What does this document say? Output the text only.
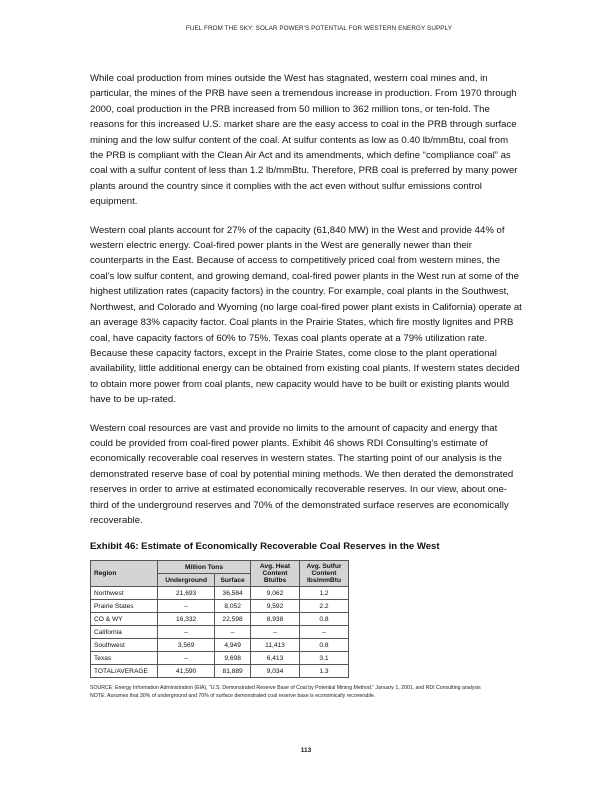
FUEL FROM THE SKY: SOLAR POWER'S POTENTIAL FOR WESTERN ENERGY SUPPLY

While coal production from mines outside the West has stagnated, western coal mines and, in particular, the mines of the PRB have seen a tremendous increase in production. From 1970 through 2000, coal production in the PRB increased from 50 million to 362 million tons, or ten-fold. The reasons for this increased U.S. market share are the easy access to coal in the PRB through surface mining and the low sulfur content of the coal. At sulfur contents as low as 0.40 lb/mmBtu, coal from the PRB is compliant with the Clean Air Act and its amendments, which define “compliance coal” as coal with a sulfur content of less than 1.2 lb/mmBtu. Therefore, PRB coal is preferred by many power plants around the country since it complies with the act even without sulfur emissions control equipment.

Western coal plants account for 27% of the capacity (61,840 MW) in the West and provide 44% of western electric energy. Coal-fired power plants in the West are generally newer than their counterparts in the East. Because of access to competitively priced coal from western mines, the coal’s low sulfur content, and growing demand, coal-fired power plants in the West run at some of the highest utilization rates (capacity factors) in the country. For example, coal plants in the Southwest, Northwest, and Colorado and Wyoming (no large coal-fired power plant exists in California) operate at an average 83% capacity factor. Coal plants in the Prairie States, which fire mostly lignites and PRB coal, have capacity factors of 60% to 75%. Texas coal plants operate at a 79% utilization rate. Because these capacity factors, except in the Prairie States, come close to the plant operational availability, little additional energy can be obtained from existing coal plants. If western states decided to obtain more power from coal plants, new capacity would have to be built or existing plants would have to be up-rated.

Western coal resources are vast and provide no limits to the amount of capacity and energy that could be provided from coal-fired power plants. Exhibit 46 shows RDI Consulting’s estimate of economically recoverable coal reserves in western states. The starting point of our analysis is the demonstrated reserve base of coal by potential mining methods. We then derated the demonstrated reserves in order to arrive at estimated economically recoverable reserves. In our view, about one-third of the underground reserves and 70% of the demonstrated surface reserves are economically recoverable.

Exhibit 46: Estimate of Economically Recoverable Coal Reserves in the West
Region	Million Tons		Avg. Heat Content Btu/lbs	Avg. Sulfur Content lbs/mmBtu
	Underground	Surface		
Northwest	21,693	36,584	9,062	1.2
Prairie States	–	8,052	9,592	2.2
CO & WY	16,332	22,598	8,938	0.8
California	–	–	–	–
Southwest	3,569	4,949	11,413	0.8
Texas	–	9,698	6,413	3.1
TOTAL/AVERAGE	41,590	81,889	9,034	1.3
SOURCE: Energy Information Administration (EIA), “U.S. Demonstrated Reserve Base of Coal by Potential Mining Method,” January 1, 2001, and RDI Consulting analysis
NOTE: Assumes that 30% of underground and 70% of surface demonstrated coal reserve base is economically recoverable.
113
